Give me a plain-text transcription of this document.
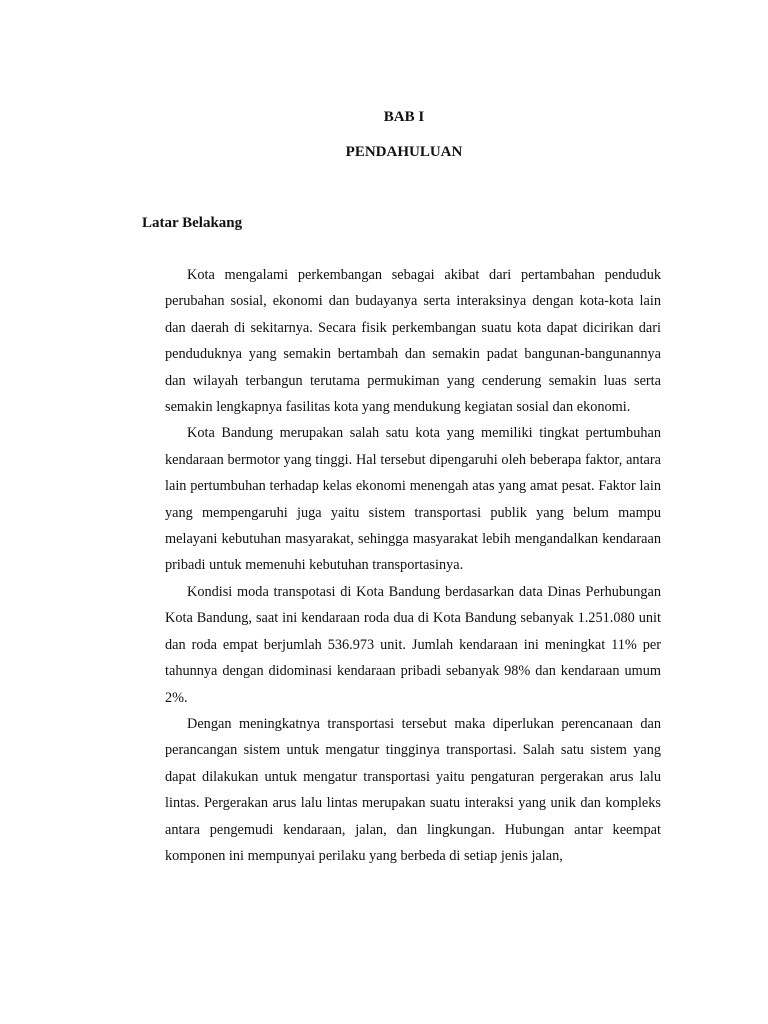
BAB I
PENDAHULUAN
Latar Belakang

Kota mengalami perkembangan sebagai akibat dari pertambahan penduduk perubahan sosial, ekonomi dan budayanya serta interaksinya dengan kota-kota lain dan daerah di sekitarnya. Secara fisik perkembangan suatu kota dapat dicirikan dari penduduknya yang semakin bertambah dan semakin padat bangunan-bangunannya dan wilayah terbangun terutama permukiman yang cenderung semakin luas serta semakin lengkapnya fasilitas kota yang mendukung kegiatan sosial dan ekonomi.

Kota Bandung merupakan salah satu kota yang memiliki tingkat pertumbuhan kendaraan bermotor yang tinggi. Hal tersebut dipengaruhi oleh beberapa faktor, antara lain pertumbuhan terhadap kelas ekonomi menengah atas yang amat pesat. Faktor lain yang mempengaruhi juga yaitu sistem transportasi publik yang belum mampu melayani kebutuhan masyarakat, sehingga masyarakat lebih mengandalkan kendaraan pribadi untuk memenuhi kebutuhan transportasinya.

Kondisi moda transpotasi di Kota Bandung berdasarkan data Dinas Perhubungan Kota Bandung, saat ini kendaraan roda dua di Kota Bandung sebanyak 1.251.080 unit dan roda empat berjumlah 536.973 unit. Jumlah kendaraan ini meningkat 11% per tahunnya dengan didominasi kendaraan pribadi sebanyak 98% dan kendaraan umum 2%.

Dengan meningkatnya transportasi tersebut maka diperlukan perencanaan dan perancangan sistem untuk mengatur tingginya transportasi. Salah satu sistem yang dapat dilakukan untuk mengatur transportasi yaitu pengaturan pergerakan arus lalu lintas. Pergerakan arus lalu lintas merupakan suatu interaksi yang unik dan kompleks antara pengemudi kendaraan, jalan, dan lingkungan. Hubungan antar keempat komponen ini mempunyai perilaku yang berbeda di setiap jenis jalan,
